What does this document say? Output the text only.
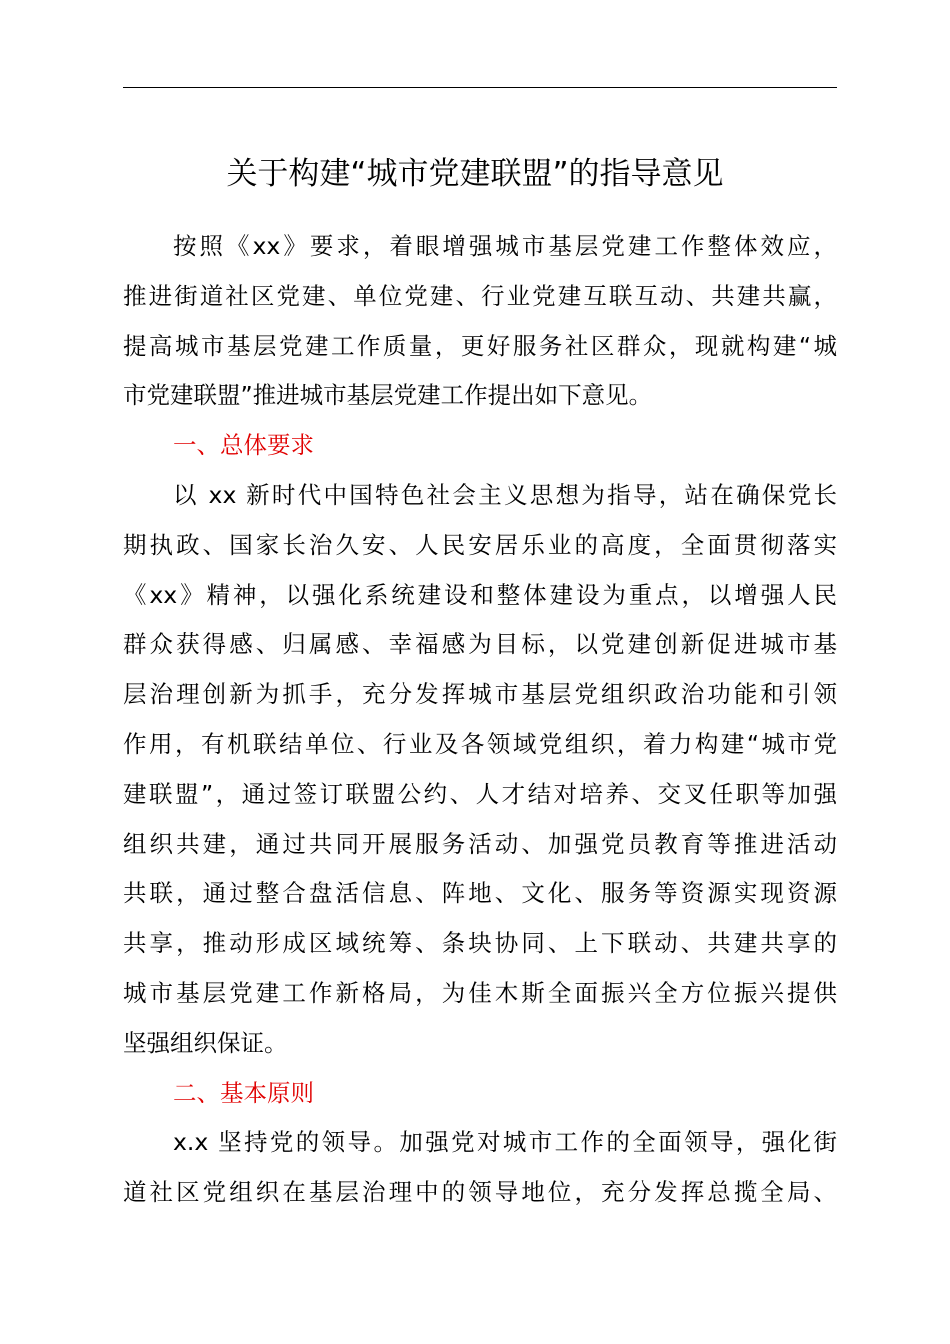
关于构建“城市党建联盟”的指导意见
按照《xx》要求，着眼增强城市基层党建工作整体效应，
推进街道社区党建、单位党建、行业党建互联互动、共建共赢，
提高城市基层党建工作质量，更好服务社区群众，现就构建“城
市党建联盟”推进城市基层党建工作提出如下意见。
一、总体要求
以 xx 新时代中国特色社会主义思想为指导，站在确保党长
期执政、国家长治久安、人民安居乐业的高度，全面贯彻落实
《xx》精神，以强化系统建设和整体建设为重点，以增强人民
群众获得感、归属感、幸福感为目标，以党建创新促进城市基
层治理创新为抓手，充分发挥城市基层党组织政治功能和引领
作用，有机联结单位、行业及各领域党组织，着力构建“城市党
建联盟”，通过签订联盟公约、人才结对培养、交叉任职等加强
组织共建，通过共同开展服务活动、加强党员教育等推进活动
共联，通过整合盘活信息、阵地、文化、服务等资源实现资源
共享，推动形成区域统筹、条块协同、上下联动、共建共享的
城市基层党建工作新格局，为佳木斯全面振兴全方位振兴提供
坚强组织保证。
二、基本原则
x.x 坚持党的领导。加强党对城市工作的全面领导，强化街
道社区党组织在基层治理中的领导地位，充分发挥总揽全局、
